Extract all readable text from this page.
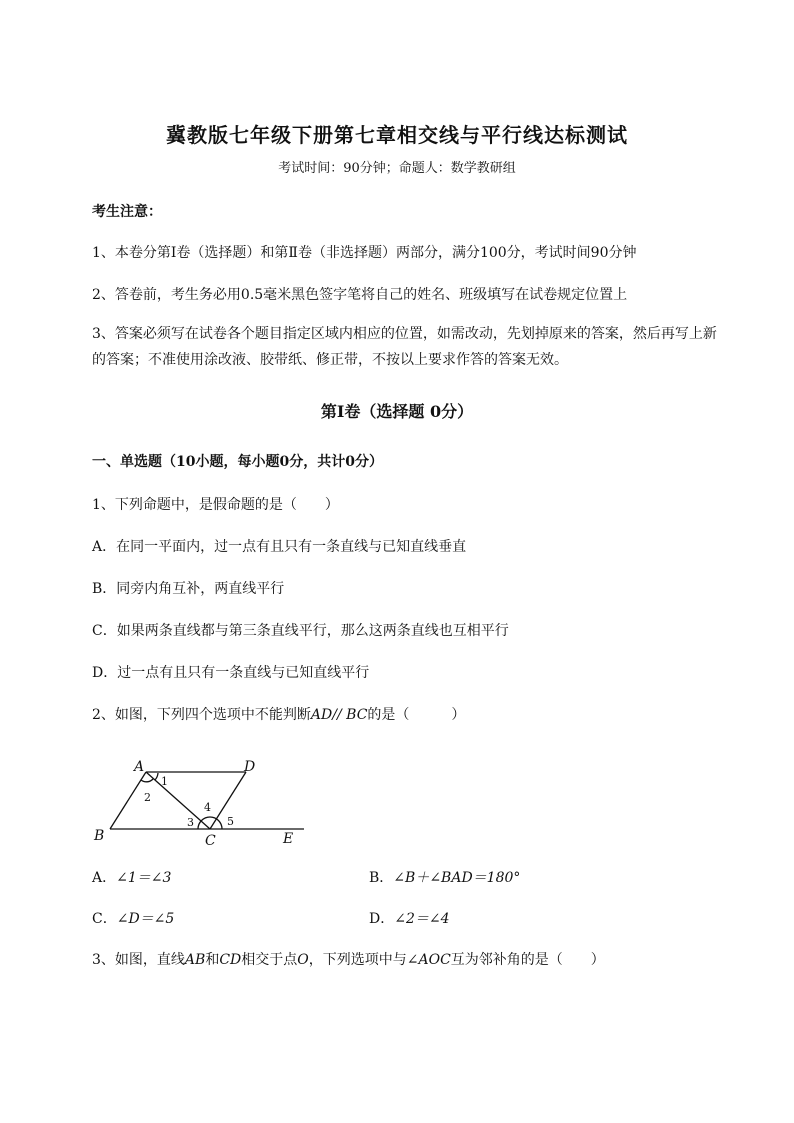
冀教版七年级下册第七章相交线与平行线达标测试
考试时间：90分钟；命题人：数学教研组
考生注意：
1、本卷分第I卷（选择题）和第Ⅱ卷（非选择题）两部分，满分100分，考试时间90分钟
2、答卷前，考生务必用0.5毫米黑色签字笔将自己的姓名、班级填写在试卷规定位置上
3、答案必须写在试卷各个题目指定区域内相应的位置，如需改动，先划掉原来的答案，然后再写上新的答案；不准使用涂改液、胶带纸、修正带，不按以上要求作答的答案无效。
第I卷（选择题 0分）
一、单选题（10小题，每小题0分，共计0分）
1、下列命题中，是假命题的是（　　）
A．在同一平面内，过一点有且只有一条直线与已知直线垂直
B．同旁内角互补，两直线平行
C．如果两条直线都与第三条直线平行，那么这两条直线也互相平行
D．过一点有且只有一条直线与已知直线平行
2、如图，下列四个选项中不能判断AD// BC的是（　　　）
A	D
B	C	E
1
2
3
4
5
A．∠1＝∠3	B．∠B＋∠BAD＝180°
C．∠D＝∠5	D．∠2＝∠4
3、如图，直线AB和CD相交于点O，下列选项中与∠AOC互为邻补角的是（　　）
